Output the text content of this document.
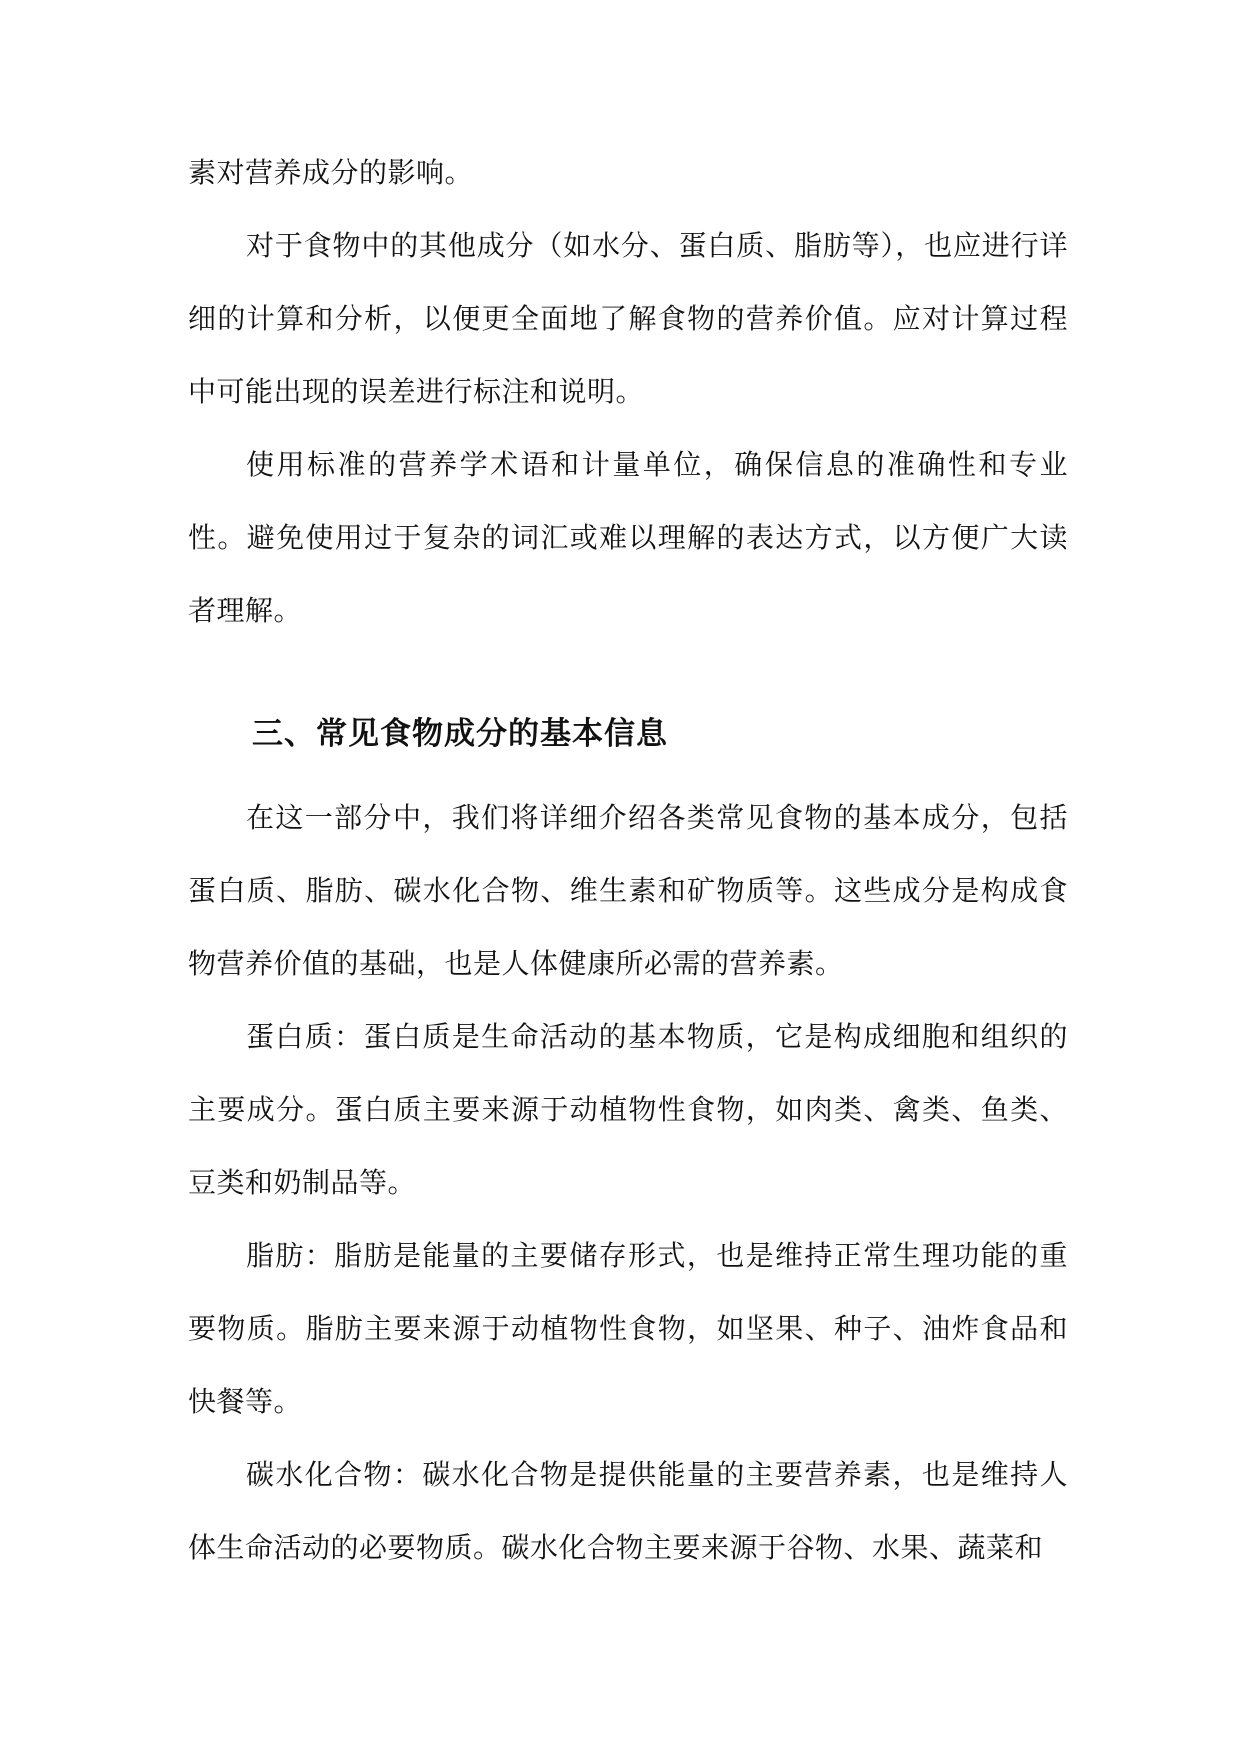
素对营养成分的影响。

对于食物中的其他成分（如水分、蛋白质、脂肪等），也应进行详细的计算和分析，以便更全面地了解食物的营养价值。应对计算过程中可能出现的误差进行标注和说明。

使用标准的营养学术语和计量单位，确保信息的准确性和专业性。避免使用过于复杂的词汇或难以理解的表达方式，以方便广大读者理解。

三、常见食物成分的基本信息

在这一部分中，我们将详细介绍各类常见食物的基本成分，包括蛋白质、脂肪、碳水化合物、维生素和矿物质等。这些成分是构成食物营养价值的基础，也是人体健康所必需的营养素。

蛋白质：蛋白质是生命活动的基本物质，它是构成细胞和组织的主要成分。蛋白质主要来源于动植物性食物，如肉类、禽类、鱼类、豆类和奶制品等。

脂肪：脂肪是能量的主要储存形式，也是维持正常生理功能的重要物质。脂肪主要来源于动植物性食物，如坚果、种子、油炸食品和快餐等。

碳水化合物：碳水化合物是提供能量的主要营养素，也是维持人体生命活动的必要物质。碳水化合物主要来源于谷物、水果、蔬菜和
